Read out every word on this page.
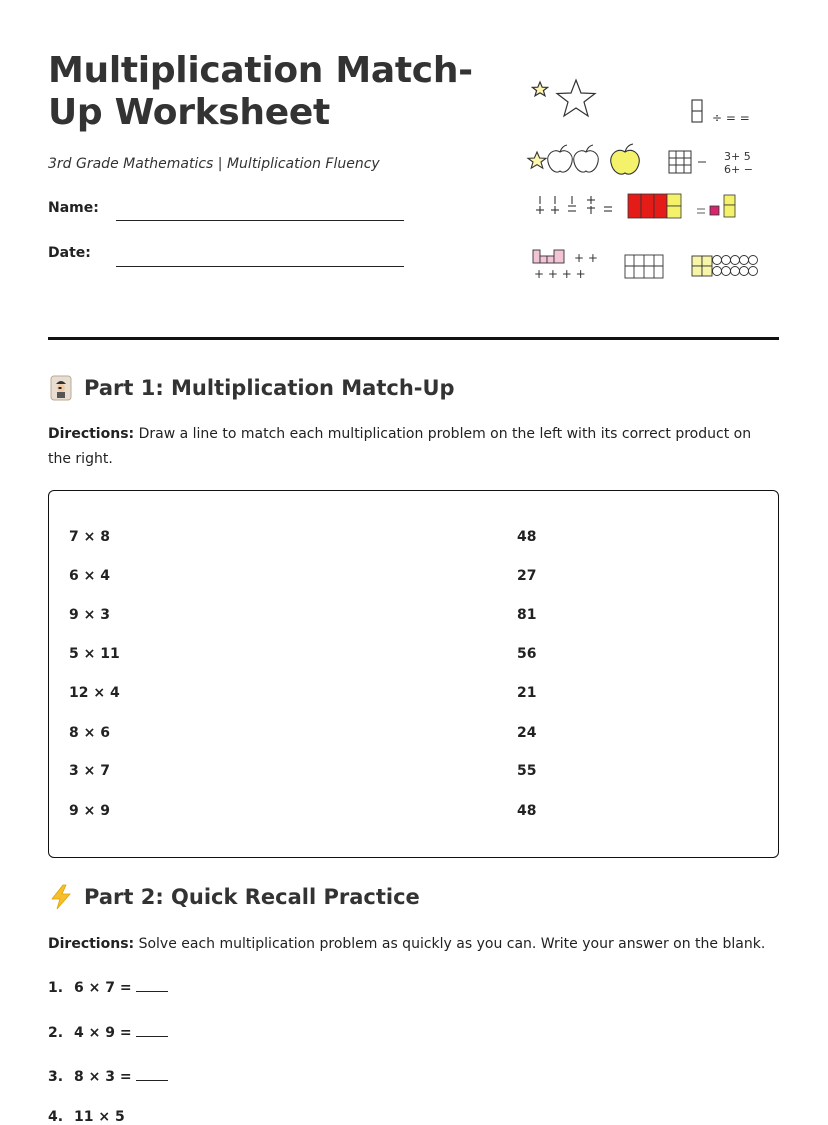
Multiplication Match-Up Worksheet
3rd Grade Mathematics | Multiplication Fluency
Name:
Date:
÷ = =
3+ 5
6+ −
+ +
+ + + +
Part 1: Multiplication Match-Up
Directions: Draw a line to match each multiplication problem on the left with its correct product on the right.
7 × 8	48
6 × 4	27
9 × 3	81
5 × 11	56
12 × 4	21
8 × 6	24
3 × 7	55
9 × 9	48
Part 2: Quick Recall Practice
Directions: Solve each multiplication problem as quickly as you can. Write your answer on the blank.
1. 6 × 7 =
2. 4 × 9 =
3. 8 × 3 =
4. 11 × 5
